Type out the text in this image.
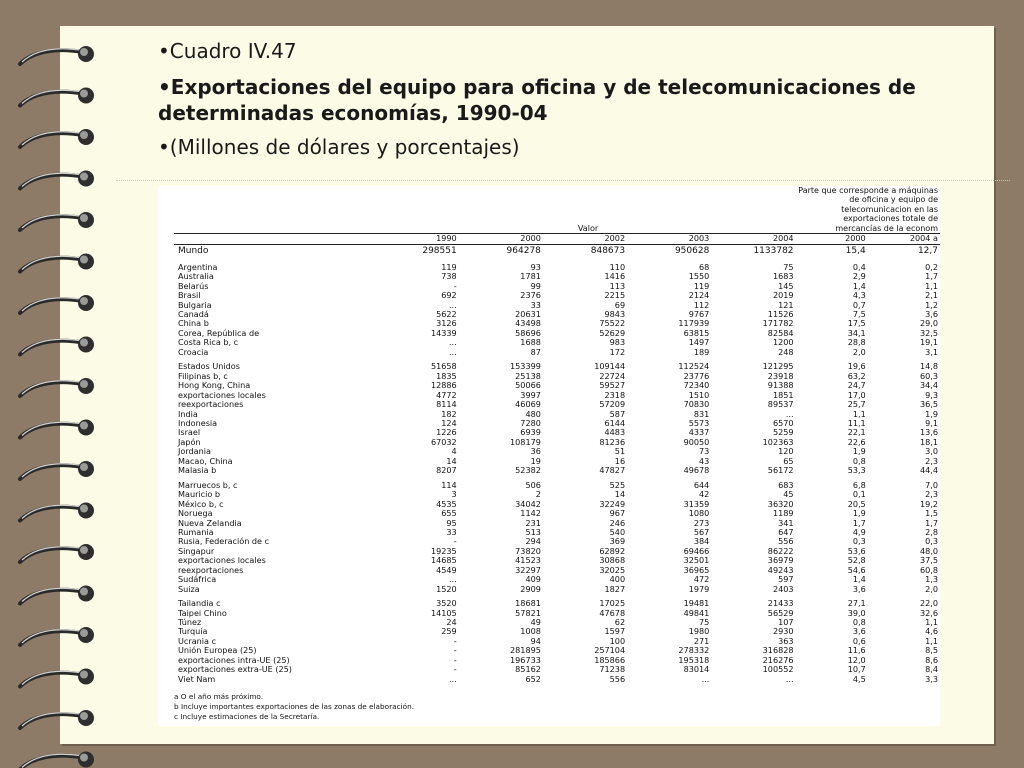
•Cuadro IV.47

•Exportaciones del equipo para oficina y de telecomunicaciones de determinadas economías, 1990-04

•(Millones de dólares y porcentajes)

	Valor					Parte que corresponde a máquinas de oficina y equipo de telecomunicacion en las exportaciones totale de mercancías de la econom	
	1990	2000	2002	2003	2004	2000	2004 a
Mundo	298551	964278	848673	950628	1133782	15,4	12,7

Argentina	119	93	110	68	75	0,4	0,2
Australia	738	1781	1416	1550	1683	2,9	1,7
Belarús	-	99	113	119	145	1,4	1,1
Brasil	692	2376	2215	2124	2019	4,3	2,1
Bulgaria	...	33	69	112	121	0,7	1,2
Canadá	5622	20631	9843	9767	11526	7,5	3,6
China b	3126	43498	75522	117939	171782	17,5	29,0
Corea, República de	14339	58696	52629	63815	82584	34,1	32,5
Costa Rica b, c	...	1688	983	1497	1200	28,8	19,1
Croacia	...	87	172	189	248	2,0	3,1

Estados Unidos	51658	153399	109144	112524	121295	19,6	14,8
Filipinas b, c	1835	25138	22724	23776	23918	63,2	60,3
Hong Kong, China	12886	50066	59527	72340	91388	24,7	34,4
exportaciones locales	4772	3997	2318	1510	1851	17,0	9,3
reexportaciones	8114	46069	57209	70830	89537	25,7	36,5
India	182	480	587	831	...	1,1	1,9
Indonesia	124	7280	6144	5573	6570	11,1	9,1
Israel	1226	6939	4483	4337	5259	22,1	13,6
Japón	67032	108179	81236	90050	102363	22,6	18,1
Jordania	4	36	51	73	120	1,9	3,0
Macao, China	14	19	16	43	65	0,8	2,3
Malasia b	8207	52382	47827	49678	56172	53,3	44,4

Marruecos b, c	114	506	525	644	683	6,8	7,0
Mauricio b	3	2	14	42	45	0,1	2,3
México b, c	4535	34042	32249	31359	36320	20,5	19,2
Noruega	655	1142	967	1080	1189	1,9	1,5
Nueva Zelandia	95	231	246	273	341	1,7	1,7
Rumania	33	513	540	567	647	4,9	2,8
Rusia, Federación de c	-	294	369	384	556	0,3	0,3
Singapur	19235	73820	62892	69466	86222	53,6	48,0
exportaciones locales	14685	41523	30868	32501	36979	52,8	37,5
reexportaciones	4549	32297	32025	36965	49243	54,6	60,8
Sudáfrica	...	409	400	472	597	1,4	1,3
Suiza	1520	2909	1827	1979	2403	3,6	2,0

Tailandia c	3520	18681	17025	19481	21433	27,1	22,0
Taipei Chino	14105	57821	47678	49841	56529	39,0	32,6
Túnez	24	49	62	75	107	0,8	1,1
Turquía	259	1008	1597	1980	2930	3,6	4,6
Ucrania c	-	94	100	271	363	0,6	1,1
Unión Europea (25)	-	281895	257104	278332	316828	11,6	8,5
exportaciones intra-UE (25)	-	196733	185866	195318	216276	12,0	8,6
exportaciones extra-UE (25)	-	85162	71238	83014	100552	10,7	8,4
Viet Nam	...	652	556	...	...	4,5	3,3
a O el año más próximo.
b Incluye importantes exportaciones de las zonas de elaboración.
c Incluye estimaciones de la Secretaría.
